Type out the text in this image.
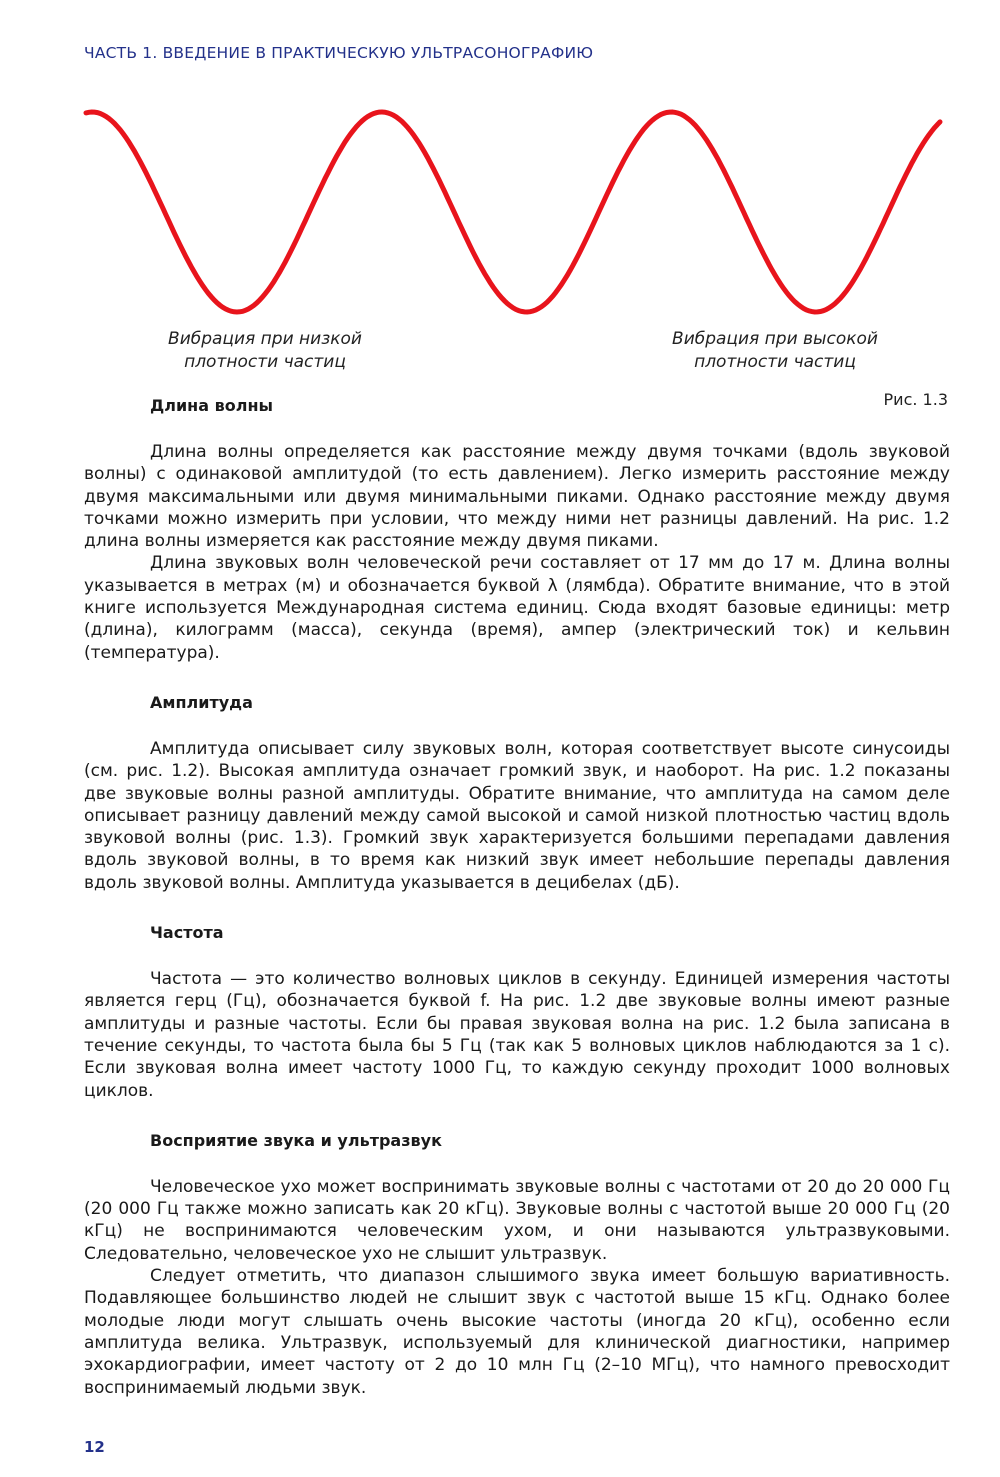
ЧАСТЬ 1. ВВЕДЕНИЕ В ПРАКТИЧЕСКУЮ УЛЬТРАСОНОГРАФИЮ
Вибрация при низкой плотности частиц
Вибрация при высокой плотности частиц
Рис. 1.3
Длина волны

Длина волны определяется как расстояние между двумя точками (вдоль звуковой волны) с одинаковой амплитудой (то есть давлением). Легко измерить расстояние между двумя максимальными или двумя минимальными пиками. Однако расстояние между двумя точками можно измерить при условии, что между ними нет разницы давлений. На рис. 1.2 длина волны измеряется как расстояние между двумя пиками.

Длина звуковых волн человеческой речи составляет от 17 мм до 17 м. Длина волны указывается в метрах (м) и обозначается буквой λ (лямбда). Обратите внимание, что в этой книге используется Международная система единиц. Сюда входят базовые единицы: метр (длина), килограмм (масса), секунда (время), ампер (электрический ток) и кельвин (температура).

Амплитуда

Амплитуда описывает силу звуковых волн, которая соответствует высоте синусоиды (см. рис. 1.2). Высокая амплитуда означает громкий звук, и наоборот. На рис. 1.2 показаны две звуковые волны разной амплитуды. Обратите внимание, что амплитуда на самом деле описывает разницу давлений между самой высокой и самой низкой плотностью частиц вдоль звуковой волны (рис. 1.3). Громкий звук характеризуется большими перепадами давления вдоль звуковой волны, в то время как низкий звук имеет небольшие перепады давления вдоль звуковой волны. Амплитуда указывается в децибелах (дБ).

Частота

Частота — это количество волновых циклов в секунду. Единицей измерения частоты является герц (Гц), обозначается буквой f. На рис. 1.2 две звуковые волны имеют разные амплитуды и разные частоты. Если бы правая звуковая волна на рис. 1.2 была записана в течение секунды, то частота была бы 5 Гц (так как 5 волновых циклов наблюдаются за 1 с). Если звуковая волна имеет частоту 1000 Гц, то каждую секунду проходит 1000 волновых циклов.

Восприятие звука и ультразвук

Человеческое ухо может воспринимать звуковые волны с частотами от 20 до 20 000 Гц (20 000 Гц также можно записать как 20 кГц). Звуковые волны с частотой выше 20 000 Гц (20 кГц) не воспринимаются человеческим ухом, и они называются ультразвуковыми. Следовательно, человеческое ухо не слышит ультразвук.

Следует отметить, что диапазон слышимого звука имеет большую вариативность. Подавляющее большинство людей не слышит звук с частотой выше 15 кГц. Однако более молодые люди могут слышать очень высокие частоты (иногда 20 кГц), особенно если амплитуда велика. Ультразвук, используемый для клинической диагностики, например эхокардиографии, имеет частоту от 2 до 10 млн Гц (2–10 МГц), что намного превосходит воспринимаемый людьми звук.

12
